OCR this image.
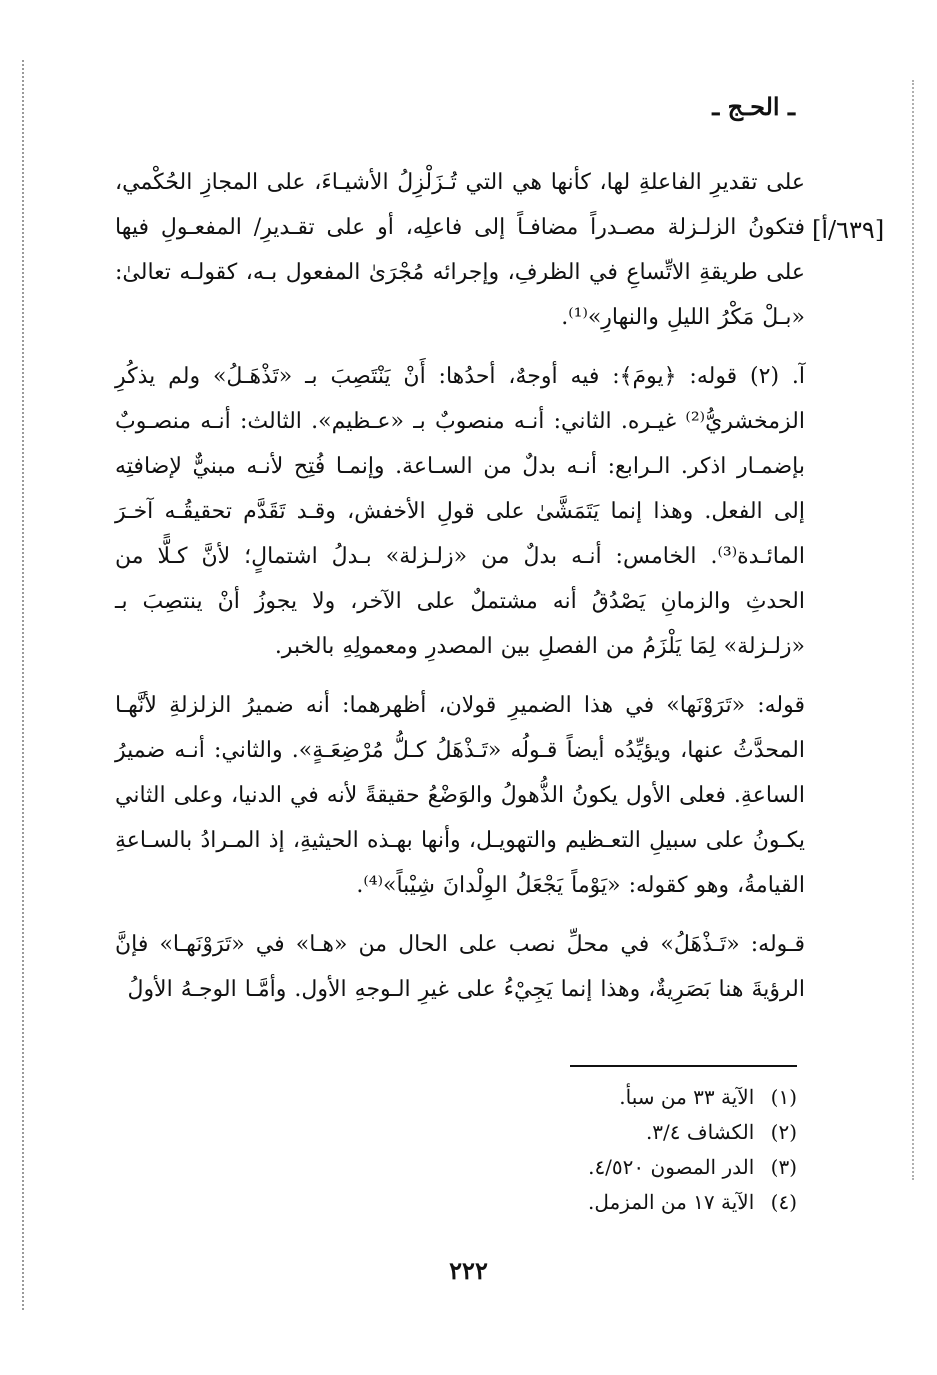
ـ الحـج ـ
[٦٣٩/أ]

على تقديرِ الفاعلةِ لها، كأنها هي التي تُـزَلْزِلُ الأشيـاءَ، على المجازِ الحُكْمي، فتكونُ الزلـزلة مصـدراً مضافـاً إلى فاعلِه، أو على تقـديرِ/ المفعـولِ فيها على طريقةِ الاتِّساعِ في الظرفِ، وإجرائه مُجْرَىٰ المفعول بـه، كقولـه تعالىٰ: «بـلْ مَكْرُ الليلِ والنهارِ»⁽¹⁾.

آ. (٢) قوله: ﴿يومَ﴾: فيه أوجهٌ، أحدُها: أَنْ يَنْتَصِبَ بـ «تَذْهَـلُ» ولم يذكُرِ الزمخشريُّ⁽²⁾ غيـره. الثاني: أنـه منصوبٌ بـ «عـظيم». الثالث: أنـه منصـوبٌ بإضمـار اذكر. الـرابع: أنـه بدلٌ من السـاعة. وإنمـا فُتِح لأنـه مبنيٌّ لإضافتِه إلى الفعل. وهذا إنما يَتَمَشَّىٰ على قولِ الأخفش، وقـد تَقَدَّم تحقيقُـه آخـرَ المائـدة⁽³⁾. الخامس: أنـه بدلٌ من «زلـزلة» بـدلُ اشتمالٍ؛ لأنَّ كـلًّا من الحدثِ والزمانِ يَصْدُقُ أنه مشتملٌ على الآخر، ولا يجوزُ أنْ ينتصِبَ بـ «زلـزلة» لِمَا يَلْزَمُ من الفصلِ بين المصدرِ ومعمولِهِ بالخبر.

قوله: «تَرَوْنَها» في هذا الضميرِ قولان، أظهرهما: أنه ضميرُ الزلزلةِ لأنَّهـا المحدَّثُ عنها، ويؤيِّدُه أيضاً قـولُه «تَـذْهَلُ كـلُّ مُرْضِعَـةٍ». والثاني: أنـه ضميرُ الساعةِ. فعلى الأول يكونُ الذُّهولُ والوَضْعُ حقيقةً لأنه في الدنيا، وعلى الثاني يكـونُ على سبيلِ التعـظيم والتهويـل، وأنها بهـذه الحيثيةِ، إذ المـرادُ بالسـاعةِ القيامةُ، وهو كقوله: «يَوْماً يَجْعَلُ الوِلْدانَ شِيْباً»⁽⁴⁾.

قـوله: «تَـذْهَلُ» في محلِّ نصب على الحال من «هـا» في «تَرَوْنَهـا» فإنَّ الرؤيةَ هنا بَصَرِيةٌ، وهذا إنما يَجِيْءُ على غيرِ الـوجهِ الأول. وأمَّـا الوجـهُ الأولُ

(١) الآية ٣٣ من سبأ.
(٢) الكشاف ٣/٤.
(٣) الدر المصون ٤/٥٢٠.
(٤) الآية ١٧ من المزمل.
٢٢٢
